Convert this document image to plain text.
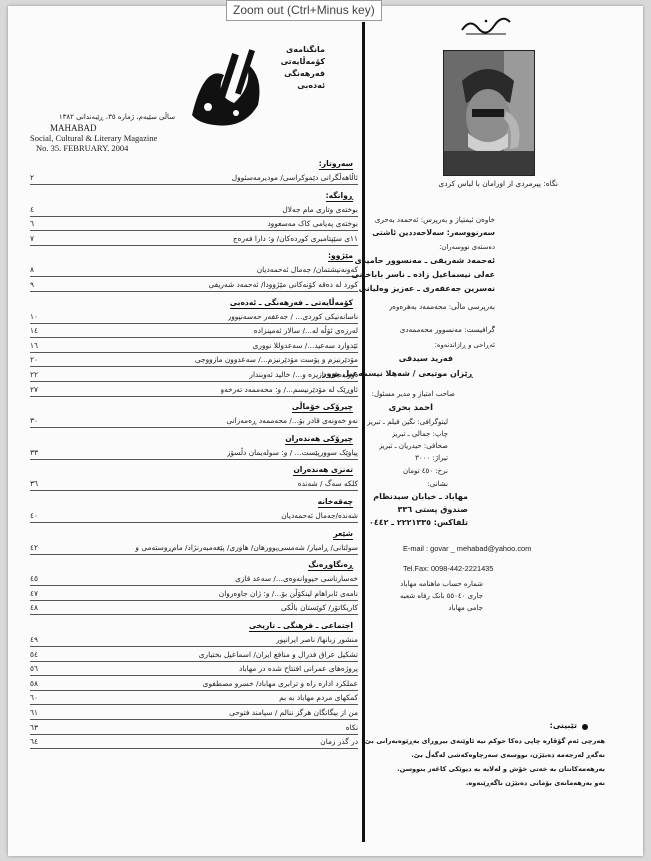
مانگنامەی
کۆمەڵایەتی
فەرهەنگی
ئەدەبی
ساڵی سێیەم، ژمارە ٣٥، ڕێبەندانی ١٣٨٢
MAHABAD
Social, Cultural & Literary Magazine
No. 35. FEBRUARY. 2004
ئاڵاهەڵگرانی دێموکراسی/ مودیرمەسئوول
٢
بوختەی وتاری مام جەلال
٤
بوختەی پەیامی کاک مەسعوود
٦
١١ی سێپتامبری کوردەکان/ و: دارا فەرەج
٧
کەونەنیشتمان/ جەمال ئەحمەدیان
٨
کورد لە دەقە کۆنەکانی مێژوودا/ ئەحمەد شەریفی
٩
ناسانەنیکی کوردی... / جەعفەر حەسەنپوور
١٠
لەرزەی ئۆڵە لە.../ سالار ئەمینزادە
١٤
ئێدوارد سەعید.../ سەعدوللا نووری
١٦
مۆدێرنیزم و پۆست مۆدێرنیزم.../ سەعدوون مازووجی
٢٠
دوو دەقی نازیزە و.../ خالید ئەوبندار
٢٢
ئاوڕێک لە مۆدێرنیسم.../ و: محەممەد تەرخەو
٢٧
نەو خەونەی قادر بۆ.../ محەممەد ڕەمەزانی
٣٠
پیاوێک سوورپێست... / و: سولەیمان دڵسۆز
٣٣
کلکە سەگ / شەندە
٣٦
شەندە/جەمال ئەحمەدیان
٤٠
سولتانی/ ڕامیار/ شەمسی‌پوورهان/ هاوری/ پێغەمبەرنژاد/ مام‌ڕوستەمی و
٤٢
خەسارناسی حیووانەوەی.../ سەعد قازی
٤٥
نامەی ئابراهام لینکۆڵن بۆ.../ و: ژان جاوەروان
٤٧
کاریکاتۆر/ کوێستان باڵکی
٤٨
منشور زبانها/ ناصر ایرانپور
٤٩
تشکیل عراق فدرال و منافع ایران/ اسماعیل بختیاری
٥٤
پروژه‌های عمرانی افتتاح شده در مهاباد
٥٦
عملکرد اداره راه و ترابری مهاباد/ خسرو مصطفوی
٥٨
کمکهای مردم مهاباد به بم
٦٠
من از بیگانگان هرگز ننالم / سیامند فتوحی
٦١
نکاه
٦٣
در گذر زمان
٦٤
نگاه: پیرمردی از اورامان با لباس کردی
خاوەن ئیمتیاز و بەرپرس: ئەحمەد بەحری
سەرنووسەر: سەلاحەددین ئاشتی
دەستەی نووسەران:
ئەحمەد شەریفی ـ مەنسوور حامیدی
عەلی نیسماعیل زادە ـ ناسر باباخانی
نەسرین جەعفەری ـ عەزیز وەلیانی
بەرپرسی ماڵی: محەممەد بەهرەوەر
گرافیست: مەنسوور محەممەدی
ئەڕاحی و ڕازاندنەوە:
فەرید سیدقی
ڕێزان موتیعی / شەهلا نیسمەعیل پوور
صاحب امتیاز و مدیر مسئول:
احمد بحری
لیتوگرافی: نگین فیلم ـ تبریز
چاپ: جمالی ـ تبریز
صحافی: حیدریان ـ تبریز
تیراژ: ٣٠٠٠
نرخ: ٤٥٠ تومان
نشانی:
مهاباد ـ خیابان سیدنظام
صندوق پستی ٣٣٦
تلفاکس: ٢٢٢١٣٣٥ ـ ٠٤٤٢
E-mail : govar _ mehabad@yahoo.com
Tel.Fax: 0098-442-2221435
شماره حساب ماهنامه مهاباد
جاری ٥٥٠٤٠ بانک رفاه شعبه
جامی مهاباد
تێبینی:
هەرچی ئەم گۆڤارە چاپی دەکا حوکم نیە ئاوێنەی بیروڕای بەڕێوەبەرانی بێ.
نەگەڕ لەرجەمە دەبێژن، نووسەی سەرچاوەکەشی لەگەڵ بێ.
بەرهەمەکانتان بە خەتی خۆش و لەلایە بە دیوێکی کاغەز بنووسن.
نەو بەرهەمانەی بۆمانی دەبێژن ناگەڕێنەوە.
سەروتار:
ڕوانگە:
مێژوو:
کۆمەڵایەتی ـ فەرهەنگی ـ ئەدەبی
چیرۆکی خۆماڵی
چیرۆکی هەندەران
تەنزی هەندەران
چەقەخانە
شێعر
ڕەنگاوڕەنگ
اجتماعی ـ فرهنگی ـ تاریخی
Zoom out (Ctrl+Minus key)
